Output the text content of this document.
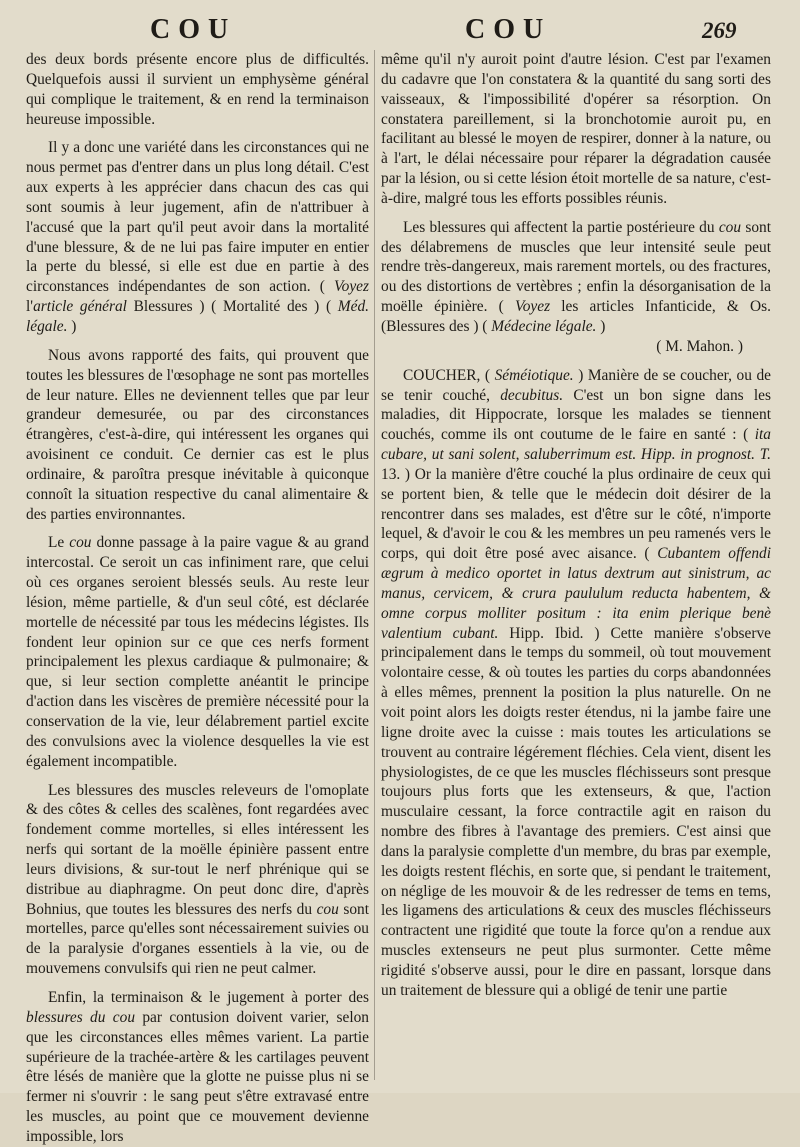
COU	COU	269

des deux bords présente encore plus de difficultés. Quelquefois aussi il survient un emphysème général qui complique le traitement, & en rend la terminaison heureuse impossible.

Il y a donc une variété dans les circonstances qui ne nous permet pas d'entrer dans un plus long détail. C'est aux experts à les apprécier dans chacun des cas qui sont soumis à leur jugement, afin de n'attribuer à l'accusé que la part qu'il peut avoir dans la mortalité d'une blessure, & de ne lui pas faire imputer en entier la perte du blessé, si elle est due en partie à des circonstances indépendantes de son action. ( Voyez l'article général Blessures ) ( Mortalité des ) ( Méd. légale. )

Nous avons rapporté des faits, qui prouvent que toutes les blessures de l'œsophage ne sont pas mortelles de leur nature. Elles ne deviennent telles que par leur grandeur demesurée, ou par des circonstances étrangères, c'est-à-dire, qui intéressent les organes qui avoisinent ce conduit. Ce dernier cas est le plus ordinaire, & paroîtra presque inévitable à quiconque connoît la situation respective du canal alimentaire & des parties environnantes.

Le cou donne passage à la paire vague & au grand intercostal. Ce seroit un cas infiniment rare, que celui où ces organes seroient blessés seuls. Au reste leur lésion, même partielle, & d'un seul côté, est déclarée mortelle de nécessité par tous les médecins légistes. Ils fondent leur opinion sur ce que ces nerfs forment principalement les plexus cardiaque & pulmonaire; & que, si leur section complette anéantit le principe d'action dans les viscères de première nécessité pour la conservation de la vie, leur délabrement partiel excite des convulsions avec la violence desquelles la vie est également incompatible.

Les blessures des muscles releveurs de l'omoplate & des côtes & celles des scalènes, font regardées avec fondement comme mortelles, si elles intéressent les nerfs qui sortant de la moëlle épinière passent entre leurs divisions, & sur-tout le nerf phrénique qui se distribue au diaphragme. On peut donc dire, d'après Bohnius, que toutes les blessures des nerfs du cou sont mortelles, parce qu'elles sont nécessairement suivies ou de la paralysie d'organes essentiels à la vie, ou de mouvemens convulsifs qui rien ne peut calmer.

Enfin, la terminaison & le jugement à porter des blessures du cou par contusion doivent varier, selon que les circonstances elles mêmes varient. La partie supérieure de la trachée-artère & les cartilages peuvent être lésés de manière que la glotte ne puisse plus ni se fermer ni s'ouvrir : le sang peut s'être extravasé entre les muscles, au point que ce mouvement devienne impossible, lors

même qu'il n'y auroit point d'autre lésion. C'est par l'examen du cadavre que l'on constatera & la quantité du sang sorti des vaisseaux, & l'impossibilité d'opérer sa résorption. On constatera pareillement, si la bronchotomie auroit pu, en facilitant au blessé le moyen de respirer, donner à la nature, ou à l'art, le délai nécessaire pour réparer la dégradation causée par la lésion, ou si cette lésion étoit mortelle de sa nature, c'est-à-dire, malgré tous les efforts possibles réunis.

Les blessures qui affectent la partie postérieure du cou sont des délabremens de muscles que leur intensité seule peut rendre très-dangereux, mais rarement mortels, ou des fractures, ou des distortions de vertèbres ; enfin la désorganisation de la moëlle épinière. ( Voyez les articles Infanticide, & Os. (Blessures des ) ( Médecine légale. )

( M. Mahon. )

COUCHER, ( Séméiotique. ) Manière de se coucher, ou de se tenir couché, decubitus. C'est un bon signe dans les maladies, dit Hippocrate, lorsque les malades se tiennent couchés, comme ils ont coutume de le faire en santé : ( ita cubare, ut sani solent, saluberrimum est. Hipp. in prognost. T. 13. ) Or la manière d'être couché la plus ordinaire de ceux qui se portent bien, & telle que le médecin doit désirer de la rencontrer dans ses malades, est d'être sur le côté, n'importe lequel, & d'avoir le cou & les membres un peu ramenés vers le corps, qui doit être posé avec aisance. ( Cubantem offendi ægrum à medico oportet in latus dextrum aut sinistrum, ac manus, cervicem, & crura paululum reducta habentem, & omne corpus molliter positum : ita enim plerique benè valentium cubant. Hipp. Ibid. ) Cette manière s'observe principalement dans le temps du sommeil, où tout mouvement volontaire cesse, & où toutes les parties du corps abandonnées à elles mêmes, prennent la position la plus naturelle. On ne voit point alors les doigts rester étendus, ni la jambe faire une ligne droite avec la cuisse : mais toutes les articulations se trouvent au contraire légérement fléchies. Cela vient, disent les physiologistes, de ce que les muscles fléchisseurs sont presque toujours plus forts que les extenseurs, & que, l'action musculaire cessant, la force contractile agit en raison du nombre des fibres à l'avantage des premiers. C'est ainsi que dans la paralysie complette d'un membre, du bras par exemple, les doigts restent fléchis, en sorte que, si pendant le traitement, on néglige de les mouvoir & de les redresser de tems en tems, les ligamens des articulations & ceux des muscles fléchisseurs contractent une rigidité que toute la force qu'on a rendue aux muscles extenseurs ne peut plus surmonter. Cette même rigidité s'observe aussi, pour le dire en passant, lorsque dans un traitement de blessure qui a obligé de tenir une partie
